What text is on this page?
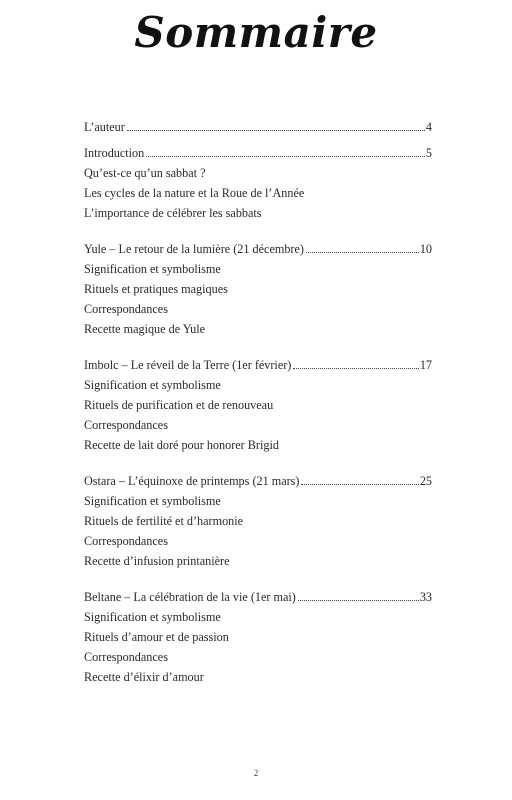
Sommaire
L’auteur	4
Introduction	5
Qu’est-ce qu’un sabbat ?
Les cycles de la nature et la Roue de l’Année
L’importance de célébrer les sabbats
Yule – Le retour de la lumière (21 décembre)	10
Signification et symbolisme
Rituels et pratiques magiques
Correspondances
Recette magique de Yule
Imbolc – Le réveil de la Terre (1er février)	17
Signification et symbolisme
Rituels de purification et de renouveau
Correspondances
Recette de lait doré pour honorer Brigid
Ostara – L’équinoxe de printemps (21 mars)	25
Signification et symbolisme
Rituels de fertilité et d’harmonie
Correspondances
Recette d’infusion printanière
Beltane – La célébration de la vie (1er mai)	33
Signification et symbolisme
Rituels d’amour et de passion
Correspondances
Recette d’élixir d’amour
2
